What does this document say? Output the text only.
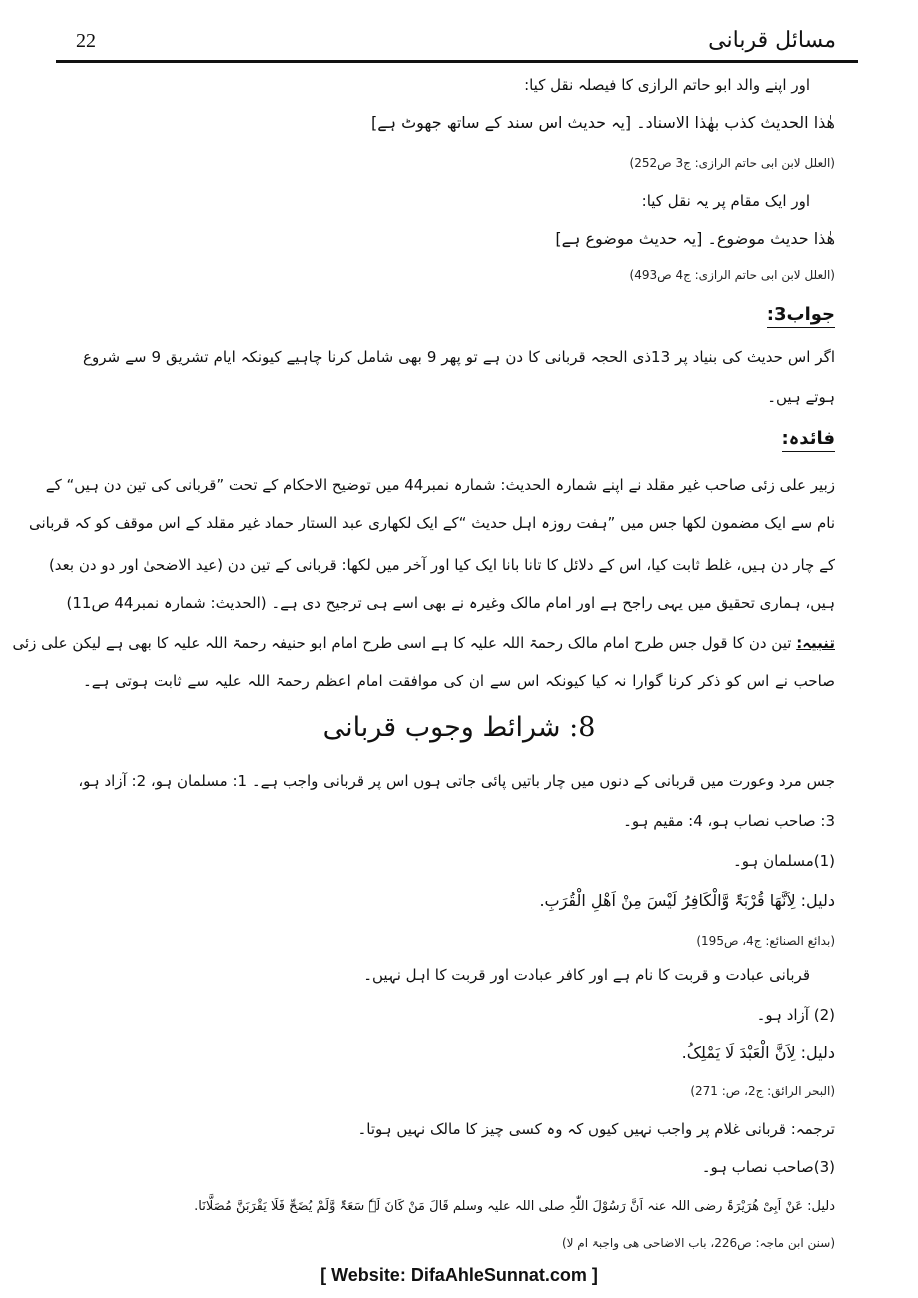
مسائل قربانی
22
اور اپنے والد ابو حاتم الرازی کا فیصلہ نقل کیا:
ھٰذا الحدیث کذب بھٰذا الاسناد۔ [یہ حدیث اس سند کے ساتھ جھوٹ ہے]
(العلل لابن ابی حاتم الرازی: ج3 ص252)
اور ایک مقام پر یہ نقل کیا:
ھٰذا حدیث موضوع۔ [یہ حدیث موضوع ہے]
(العلل لابن ابی حاتم الرازی: ج4 ص493)
جواب3:
اگر اس حدیث کی بنیاد پر 13ذی الحجہ قربانی کا دن ہے تو پھر 9 بھی شامل کرنا چاہیے کیونکہ ایام تشریق 9 سے شروع
ہوتے ہیں۔
فائدہ:
زبیر علی زئی صاحب غیر مقلد نے اپنے شمارہ الحدیث: شمارہ نمبر44 میں توضیح الاحکام کے تحت ”قربانی کی تین دن ہیں“ کے
نام سے ایک مضمون لکھا جس میں ”ہفت روزہ اہل حدیث “کے ایک لکھاری عبد الستار حماد غیر مقلد کے اس موقف کو کہ قربانی
کے چار دن ہیں، غلط ثابت کیا، اس کے دلائل کا تانا بانا ایک کیا اور آخر میں لکھا: قربانی کے تین دن (عید الاضحیٰ اور دو دن بعد)
ہیں، ہماری تحقیق میں یہی راجح ہے اور امام مالک وغیرہ نے بھی اسے ہی ترجیح دی ہے۔ (الحدیث: شمارہ نمبر44 ص11)
تنبیہ: تین دن کا قول جس طرح امام مالک رحمۃ اللہ علیہ کا ہے اسی طرح امام ابو حنیفہ رحمۃ اللہ علیہ کا بھی ہے لیکن علی زئی
صاحب نے اس کو ذکر کرنا گوارا نہ کیا کیونکہ اس سے ان کی موافقت امام اعظم رحمۃ اللہ علیہ سے ثابت ہوتی ہے۔
8: شرائط وجوب قربانی
جس مرد وعورت میں قربانی کے دنوں میں چار باتیں پائی جاتی ہوں اس پر قربانی واجب ہے۔ 1: مسلمان ہو، 2: آزاد ہو،
3: صاحب نصاب ہو، 4: مقیم ہو۔
(1)مسلمان ہو۔
دلیل: لِاَنَّھَا قُرْبَۃٌ وَّالْکَافِرُ لَیْسَ مِنْ اَھْلِ الْقُرَبِ.
(بدائع الصنائع: ج4، ص195)
قربانی عبادت و قربت کا نام ہے اور کافر عبادت اور قربت کا اہل نہیں۔
(2) آزاد ہو۔
دلیل: لِاَنَّ الْعَبْدَ لَا یَمْلِکُ.
(البحر الرائق: ج2، ص: 271)
ترجمہ: قربانی غلام پر واجب نہیں کیوں کہ وہ کسی چیز کا مالک نہیں ہوتا۔
(3)صاحب نصاب ہو۔
دلیل: عَنْ اَبِیْ ھُرَیْرَۃَ رضی اللہ عنہ اَنَّ رَسُوْلَ اللّٰہِ صلی اللہ علیہ وسلم قَالَ مَنْ کَانَ لَہٗ سَعَۃٌ وَّلَمْ یُضَحِّ فَلَا یَقْرَبَنَّ مُصَلَّانَا.
(سنن ابن ماجہ: ص226، باب الاضاحی ھی واجبۃ ام لا)
[ Website: DifaAhleSunnat.com ]
